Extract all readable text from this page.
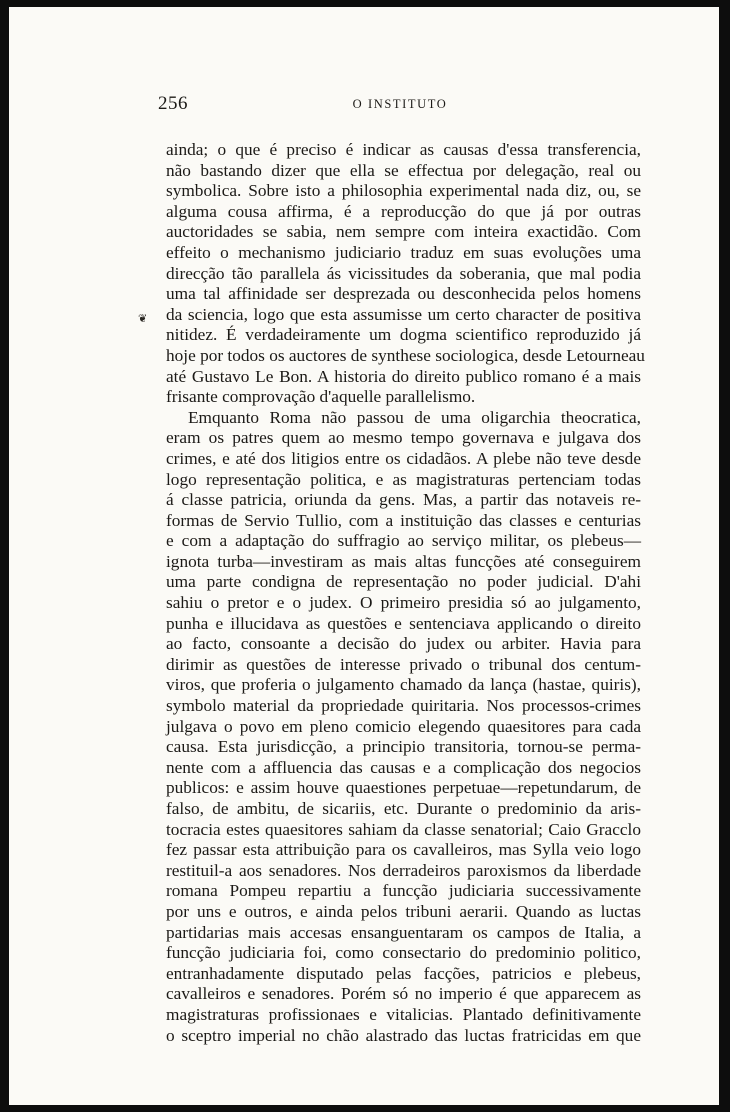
256	O INSTITUTO
❦
ainda; o que é preciso é indicar as causas d'essa transferencia,
não bastando dizer que ella se effectua por delegação, real ou
symbolica. Sobre isto a philosophia experimental nada diz, ou, se
alguma cousa affirma, é a reproducção do que já por outras
auctoridades se sabia, nem sempre com inteira exactidão. Com
effeito o mechanismo judiciario traduz em suas evoluções uma
direcção tão parallela ás vicissitudes da soberania, que mal podia
uma tal affinidade ser desprezada ou desconhecida pelos homens
da sciencia, logo que esta assumisse um certo character de positiva
nitidez. É verdadeiramente um dogma scientifico reproduzido já
hoje por todos os auctores de synthese sociologica, desde Letourneau
até Gustavo Le Bon. A historia do direito publico romano é a mais
frisante comprovação d'aquelle parallelismo.
Emquanto Roma não passou de uma oligarchia theocratica,
eram os patres quem ao mesmo tempo governava e julgava dos
crimes, e até dos litigios entre os cidadãos. A plebe não teve desde
logo representação politica, e as magistraturas pertenciam todas
á classe patricia, oriunda da gens. Mas, a partir das notaveis re-
formas de Servio Tullio, com a instituição das classes e centurias
e com a adaptação do suffragio ao serviço militar, os plebeus—
ignota turba—investiram as mais altas funcções até conseguirem
uma parte condigna de representação no poder judicial. D'ahi
sahiu o pretor e o judex. O primeiro presidia só ao julgamento,
punha e illucidava as questões e sentenciava applicando o direito
ao facto, consoante a decisão do judex ou arbiter. Havia para
dirimir as questões de interesse privado o tribunal dos centum-
viros, que proferia o julgamento chamado da lança (hastae, quiris),
symbolo material da propriedade quiritaria. Nos processos-crimes
julgava o povo em pleno comicio elegendo quaesitores para cada
causa. Esta jurisdicção, a principio transitoria, tornou-se perma-
nente com a affluencia das causas e a complicação dos negocios
publicos: e assim houve quaestiones perpetuae—repetundarum, de
falso, de ambitu, de sicariis, etc. Durante o predominio da aris-
tocracia estes quaesitores sahiam da classe senatorial; Caio Gracclo
fez passar esta attribuição para os cavalleiros, mas Sylla veio logo
restituil-a aos senadores. Nos derradeiros paroxismos da liberdade
romana Pompeu repartiu a funcção judiciaria successivamente
por uns e outros, e ainda pelos tribuni aerarii. Quando as luctas
partidarias mais accesas ensanguentaram os campos de Italia, a
funcção judiciaria foi, como consectario do predominio politico,
entranhadamente disputado pelas facções, patricios e plebeus,
cavalleiros e senadores. Porém só no imperio é que apparecem as
magistraturas profissionaes e vitalicias. Plantado definitivamente
o sceptro imperial no chão alastrado das luctas fratricidas em que
